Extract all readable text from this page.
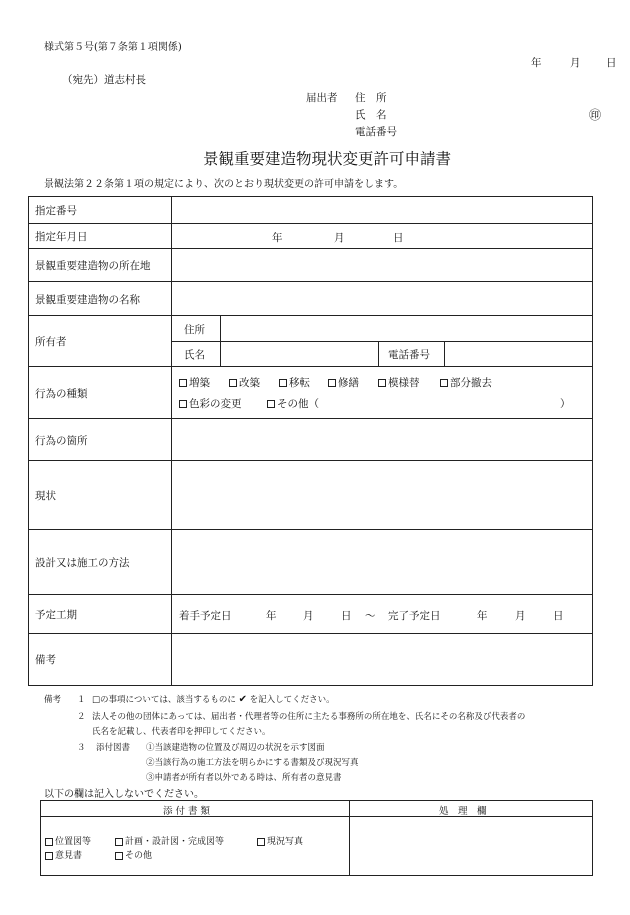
様式第５号(第７条第１項関係)
年	月 日
（宛先）道志村長
届出者 住　所
氏　名	㊞
電話番号
景観重要建造物現状変更許可申請書
景観法第２２条第１項の規定により、次のとおり現状変更の許可申請をします。
指定番号
指定年月日	年	月	日
景観重要建造物の所在地
景観重要建造物の名称
所有者
住所
氏名	電話番号
行為の種類
増築	改築	移転	修繕	模様替	部分撤去
色彩の変更	その他（	）
行為の箇所
現状
設計又は施工の方法
予定工期	着手予定日	年	月	日 ～ 完了予定日	年	月	日
備考
備考 １ □の事項については、該当するものに ✔ を記入してください。
２ 法人その他の団体にあっては、届出者・代理者等の住所に主たる事務所の所在地を、氏名にその名称及び代表者の
氏名を記載し、代表者印を押印してください。
３ 添付図書 ①当該建造物の位置及び周辺の状況を示す図面
②当該行為の施工方法を明らかにする書類及び現況写真
③申請者が所有者以外である時は、所有者の意見書
以下の欄は記入しないでください。
添 付 書 類	処　理　欄
位置図等	計画・設計図・完成図等	現況写真
意見書	その他
